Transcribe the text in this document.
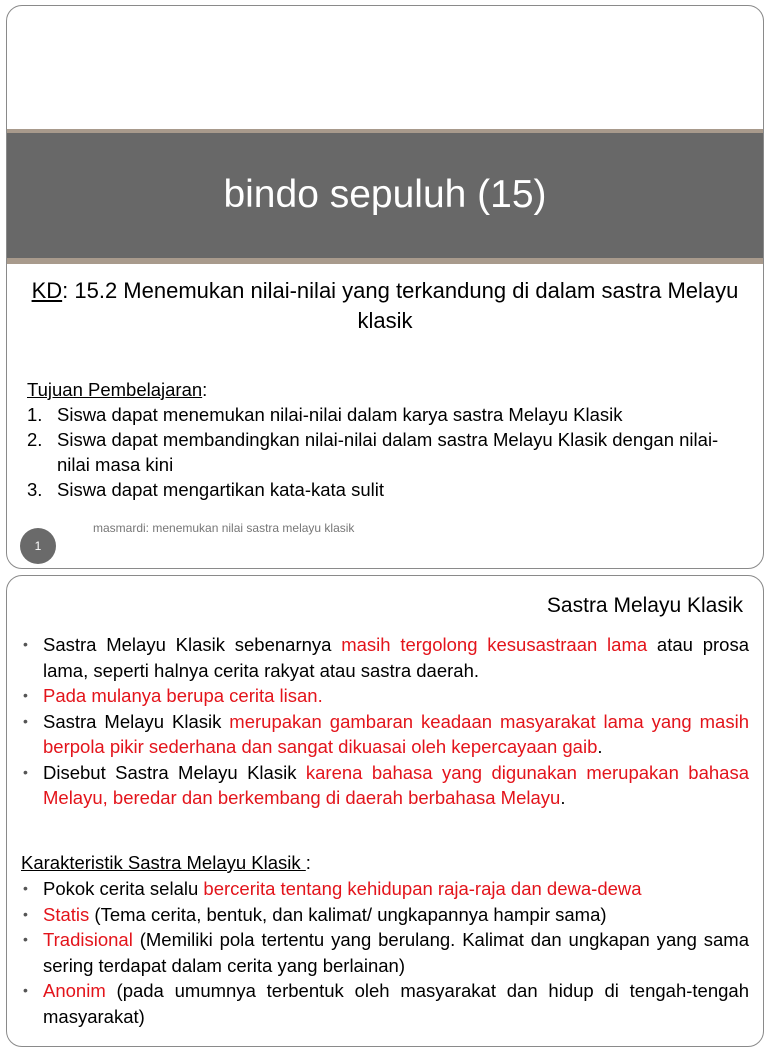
bindo sepuluh (15)
KD: 15.2 Menemukan nilai-nilai yang terkandung di dalam sastra Melayu klasik
Tujuan Pembelajaran:
1. Siswa dapat menemukan nilai-nilai dalam karya sastra Melayu Klasik
2. Siswa dapat membandingkan nilai-nilai dalam sastra Melayu Klasik dengan nilai-nilai masa kini
3. Siswa dapat mengartikan kata-kata sulit
1
masmardi: menemukan nilai sastra melayu klasik
Sastra Melayu Klasik
• Sastra Melayu Klasik sebenarnya masih tergolong kesusastraan lama atau prosa lama, seperti halnya cerita rakyat atau sastra daerah.
• Pada mulanya berupa cerita lisan.
• Sastra Melayu Klasik merupakan gambaran keadaan masyarakat lama yang masih berpola pikir sederhana dan sangat dikuasai oleh kepercayaan gaib.
• Disebut Sastra Melayu Klasik karena bahasa yang digunakan merupakan bahasa Melayu, beredar dan berkembang di daerah berbahasa Melayu.
Karakteristik Sastra Melayu Klasik :
• Pokok cerita selalu bercerita tentang kehidupan raja-raja dan dewa-dewa
• Statis (Tema cerita, bentuk, dan kalimat/ ungkapannya hampir sama)
• Tradisional (Memiliki pola tertentu yang berulang. Kalimat dan ungkapan yang sama sering terdapat dalam cerita yang berlainan)
• Anonim (pada umumnya terbentuk oleh masyarakat dan hidup di tengah-tengah masyarakat)
